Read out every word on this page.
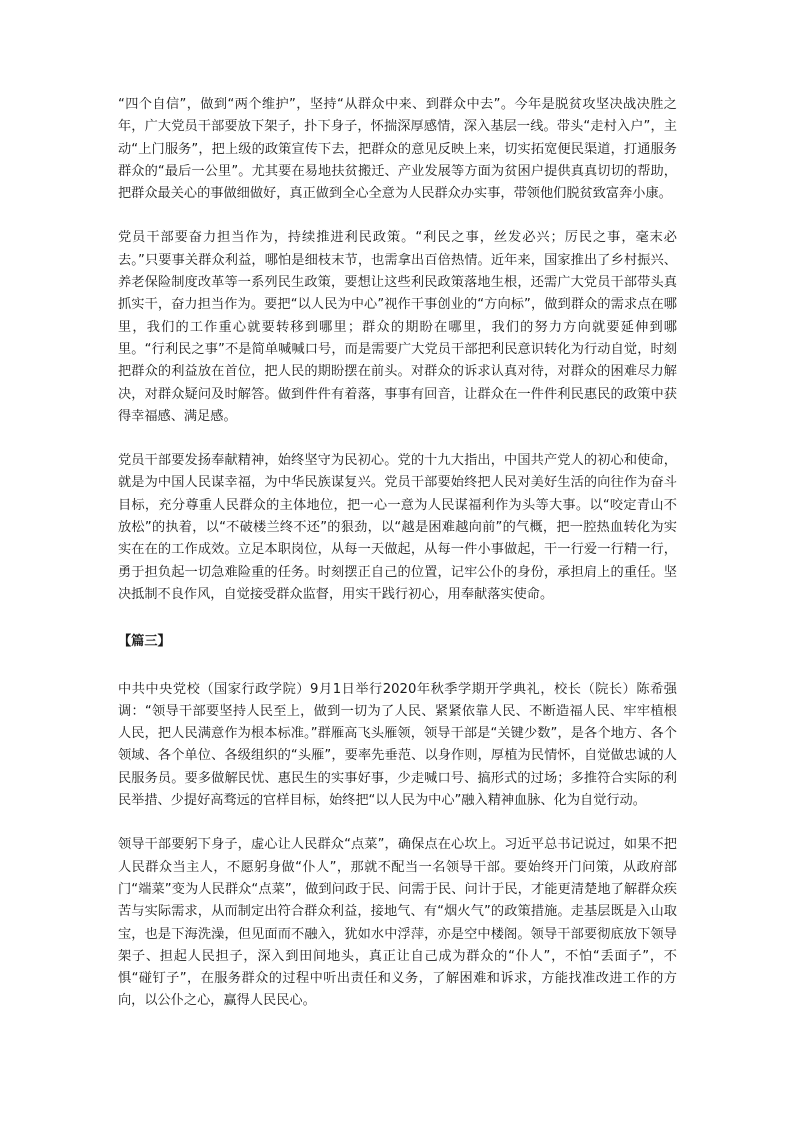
“四个自信”，做到“两个维护”，坚持“从群众中来、到群众中去”。今年是脱贫攻坚决战决胜之年，广大党员干部要放下架子，扑下身子，怀揣深厚感情，深入基层一线。带头“走村入户”，主动“上门服务”，把上级的政策宣传下去，把群众的意见反映上来，切实拓宽便民渠道，打通服务群众的“最后一公里”。尤其要在易地扶贫搬迁、产业发展等方面为贫困户提供真真切切的帮助，把群众最关心的事做细做好，真正做到全心全意为人民群众办实事，带领他们脱贫致富奔小康。

党员干部要奋力担当作为，持续推进利民政策。“利民之事，丝发必兴；厉民之事，毫末必去。”只要事关群众利益，哪怕是细枝末节，也需拿出百倍热情。近年来，国家推出了乡村振兴、养老保险制度改革等一系列民生政策，要想让这些利民政策落地生根，还需广大党员干部带头真抓实干，奋力担当作为。要把“以人民为中心”视作干事创业的“方向标”，做到群众的需求点在哪里，我们的工作重心就要转移到哪里；群众的期盼在哪里，我们的努力方向就要延伸到哪里。“行利民之事”不是简单喊喊口号，而是需要广大党员干部把利民意识转化为行动自觉，时刻把群众的利益放在首位，把人民的期盼摆在前头。对群众的诉求认真对待，对群众的困难尽力解决，对群众疑问及时解答。做到件件有着落，事事有回音，让群众在一件件利民惠民的政策中获得幸福感、满足感。

党员干部要发扬奉献精神，始终坚守为民初心。党的十九大指出，中国共产党人的初心和使命，就是为中国人民谋幸福，为中华民族谋复兴。党员干部要始终把人民对美好生活的向往作为奋斗目标，充分尊重人民群众的主体地位，把一心一意为人民谋福利作为头等大事。以“咬定青山不放松”的执着，以“不破楼兰终不还”的狠劲，以“越是困难越向前”的气概，把一腔热血转化为实实在在的工作成效。立足本职岗位，从每一天做起，从每一件小事做起，干一行爱一行精一行，勇于担负起一切急难险重的任务。时刻摆正自己的位置，记牢公仆的身份，承担肩上的重任。坚决抵制不良作风，自觉接受群众监督，用实干践行初心，用奉献落实使命。

【篇三】

中共中央党校（国家行政学院）9月1日举行2020年秋季学期开学典礼，校长（院长）陈希强调：“领导干部要坚持人民至上，做到一切为了人民、紧紧依靠人民、不断造福人民、牢牢植根人民，把人民满意作为根本标准。”群雁高飞头雁领，领导干部是“关键少数”，是各个地方、各个领域、各个单位、各级组织的“头雁”，要率先垂范、以身作则，厚植为民情怀，自觉做忠诚的人民服务员。要多做解民忧、惠民生的实事好事，少走喊口号、搞形式的过场；多推符合实际的利民举措、少提好高骛远的官样目标，始终把“以人民为中心”融入精神血脉、化为自觉行动。

领导干部要躬下身子，虚心让人民群众“点菜”，确保点在心坎上。习近平总书记说过，如果不把人民群众当主人，不愿躬身做“仆人”，那就不配当一名领导干部。要始终开门问策，从政府部门“端菜”变为人民群众“点菜”，做到问政于民、问需于民、问计于民，才能更清楚地了解群众疾苦与实际需求，从而制定出符合群众利益，接地气、有“烟火气”的政策措施。走基层既是入山取宝，也是下海洗澡，但见面而不融入，犹如水中浮萍，亦是空中楼阁。领导干部要彻底放下领导架子、担起人民担子，深入到田间地头，真正让自己成为群众的“仆人”，不怕“丢面子”，不惧“碰钉子”，在服务群众的过程中听出责任和义务，了解困难和诉求，方能找准改进工作的方向，以公仆之心，赢得人民民心。
